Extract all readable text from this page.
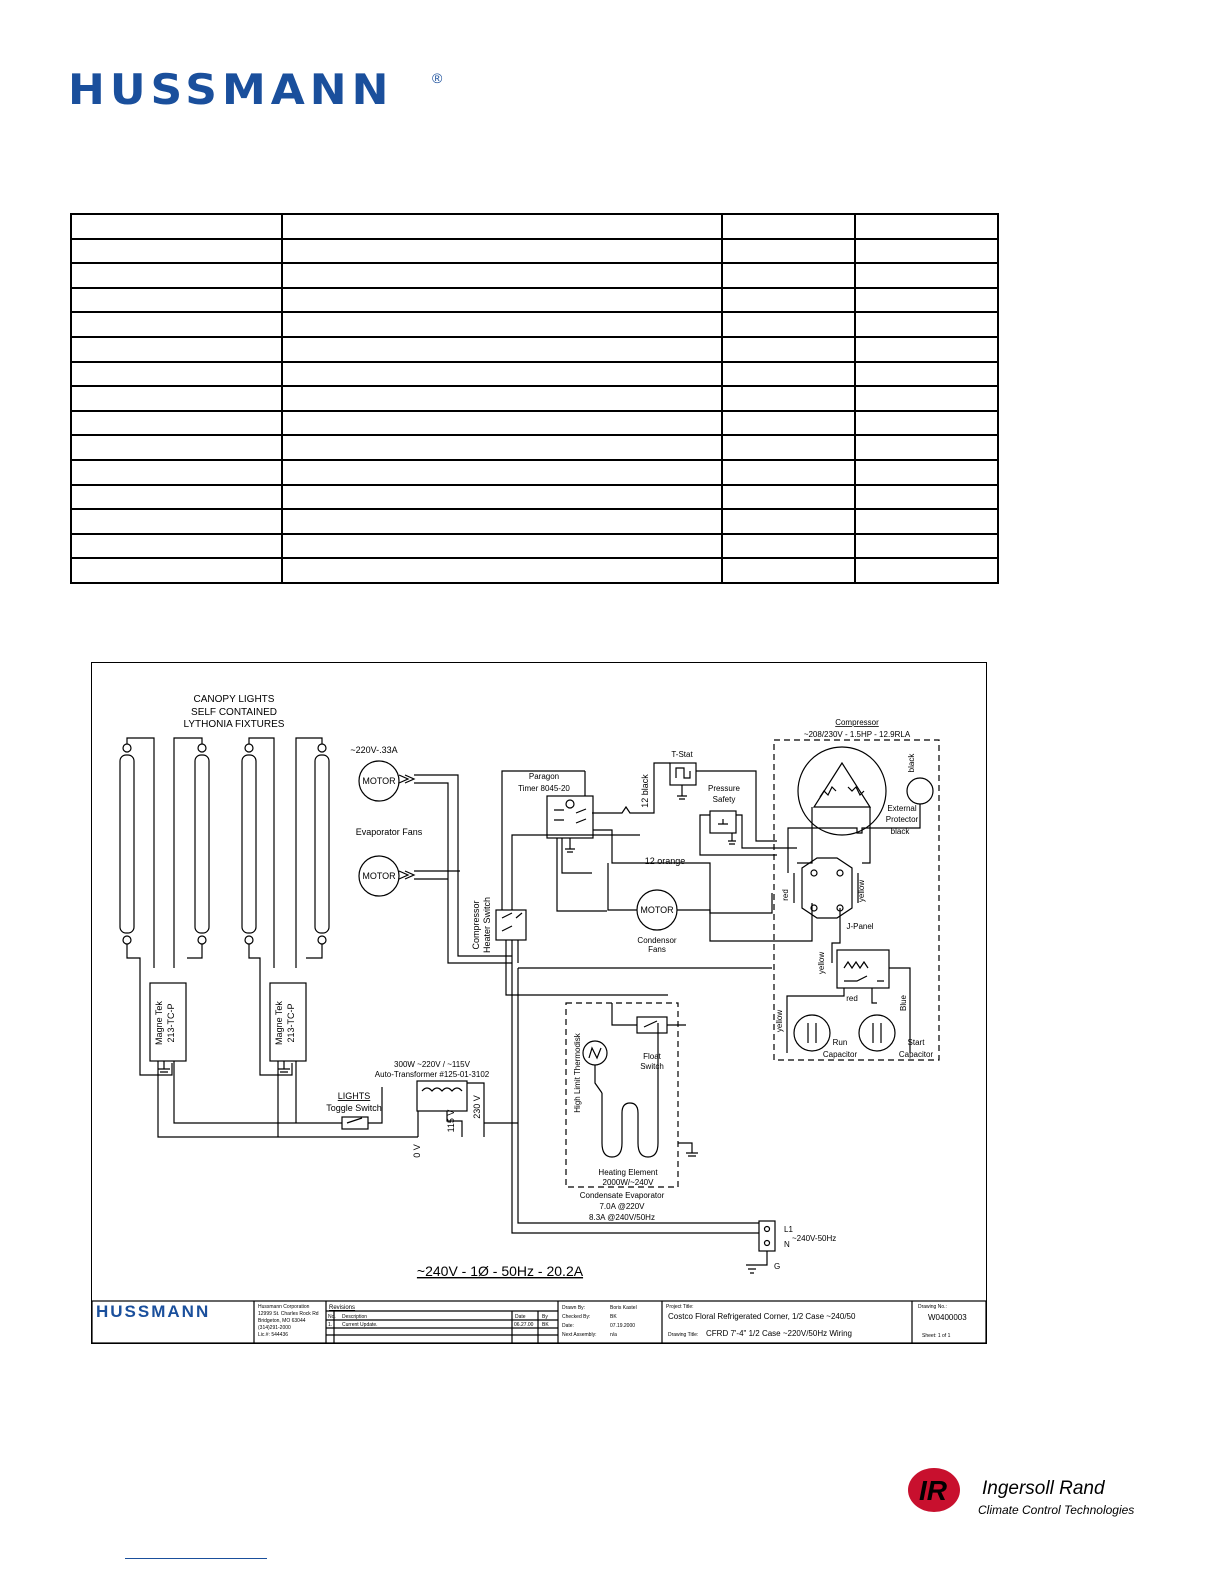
HUSSMANN	®

CANOPY LIGHTS
SELF CONTAINED
LYTHONIA FIXTURES
Magne Tek 213-TC-P	Magne Tek 213-TC-P
LIGHTS
Toggle Switch
300W ~220V / ~115V
Auto-Transformer #125-01-3102
0 V
115 V
230 V
MOTOR
MOTOR
~220V-.33A
Evaporator Fans
Compressor Heater Switch
Paragon
Timer 8045-20	12 black
12 orange
T-Stat
Pressure
Safety
MOTOR
Condensor
Fans
Compressor
~208/230V - 1.5HP - 12.9RLA
black
External
Protector
black
J-Panel
red	yellow
yellow
red	Blue
yellow
Run
Capacitor
Start
Capacitor
High Limit Thermodisk	Float
Switch
Heating Element
2000W/~240V
Condensate Evaporator
7.0A @220V
8.3A @240V/50Hz
L1
N
~240V-50Hz
G
~240V - 1Ø - 50Hz - 20.2A
HUSSMANN	Hussmann Corporation
12999 St. Charles Rock Rd
Bridgeton, MO 63044
(314)291-2000
Lic.#: 544436
Revisions
No. Description	Date	By
1. Current Update.	06.27.00 BK
Drawn By:	Boris Kastel
Checked By:	BK
Date:	07.19.2000
Next Assembly:	n/a
Project Title:
Costco Floral Refrigerated Corner, 1/2 Case ~240/50
Drawing Title: CFRD 7'-4" 1/2 Case ~220V/50Hz Wiring
Drawing No.:
W0400003
Sheet: 1 of 1
IR Ingersoll Rand
Climate Control Technologies
